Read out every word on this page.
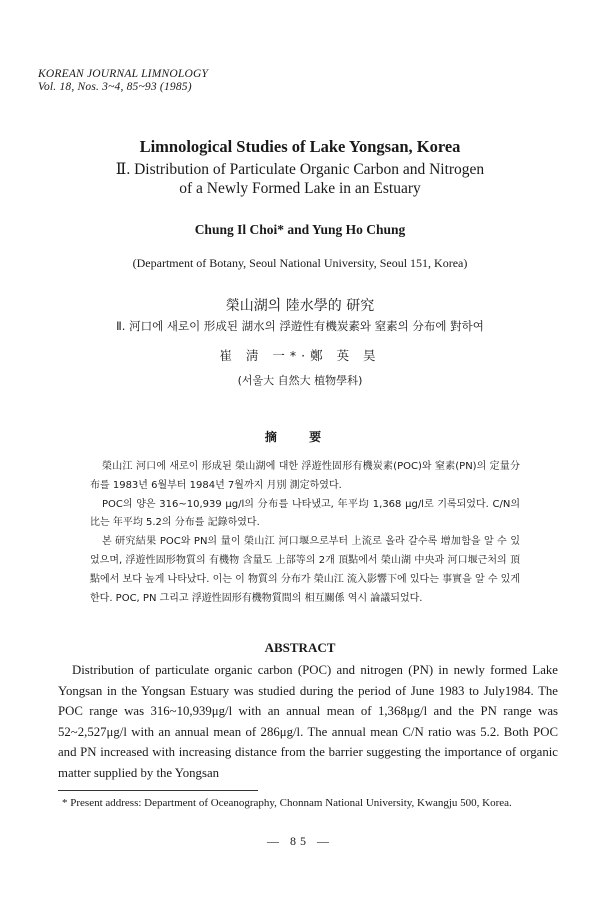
KOREAN JOURNAL LIMNOLOGY
Vol. 18, Nos. 3~4, 85~93 (1985)
Limnological Studies of Lake Yongsan, Korea
Ⅱ. Distribution of Particulate Organic Carbon and Nitrogen
of a Newly Formed Lake in an Estuary
Chung Il Choi* and Yung Ho Chung
(Department of Botany, Seoul National University, Seoul 151, Korea)
榮山湖의 陸水學的 研究
Ⅱ. 河口에 새로이 形成된 湖水의 浮遊性有機炭素와 窒素의 分布에 對하여
崔 淸 一*·鄭 英 昊
(서울大 自然大 植物學科)
摘 要

榮山江 河口에 새로이 形成된 榮山湖에 대한 浮遊性固形有機炭素(POC)와 窒素(PN)의 定量分布를 1983년 6월부터 1984년 7월까지 月別 測定하였다.

POC의 양은 316~10,939 μg/l의 分布를 나타냈고, 年平均 1,368 μg/l로 기록되었다. C/N의 比는 年平均 5.2의 分布를 記錄하였다.

본 研究結果 POC와 PN의 量이 榮山江 河口堰으로부터 上流로 올라 갈수록 增加함을 알 수 있었으며, 浮遊性固形物質의 有機物 含量도 上部等의 2개 頂點에서 榮山湖 中央과 河口堰근처의 頂點에서 보다 높게 나타났다. 이는 이 物質의 分布가 榮山江 流入影響下에 있다는 事實을 알 수 있게 한다. POC, PN 그리고 浮遊性固形有機物質間의 相互關係 역시 論議되었다.

ABSTRACT

Distribution of particulate organic carbon (POC) and nitrogen (PN) in newly formed Lake Yongsan in the Yongsan Estuary was studied during the period of June 1983 to July1984. The POC range was 316~10,939μg/l with an annual mean of 1,368μg/l and the PN range was 52~2,527μg/l with an annual mean of 286μg/l. The annual mean C/N ratio was 5.2. Both POC and PN increased with increasing distance from the barrier suggesting the importance of organic matter supplied by the Yongsan

* Present address: Department of Oceanography, Chonnam National University, Kwangju 500, Korea.

— 85 —
